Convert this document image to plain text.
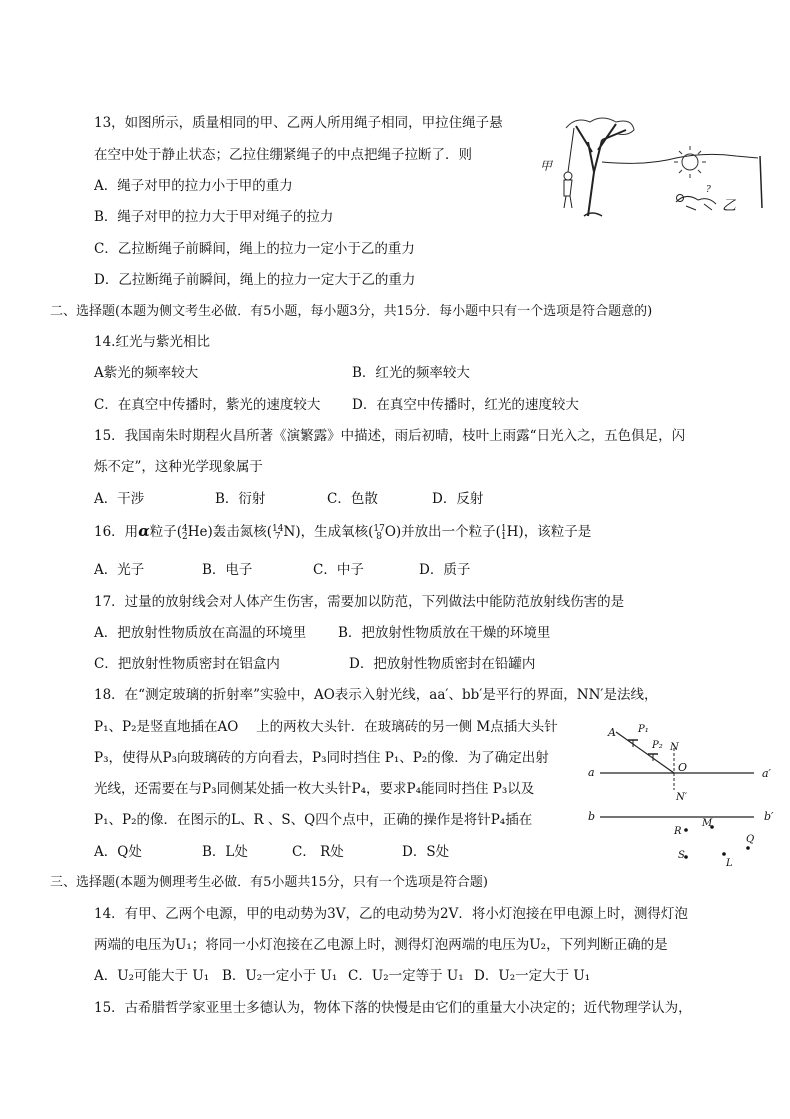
13，如图所示，质量相同的甲、乙两人所用绳子相同，甲拉住绳子悬
在空中处于静止状态；乙拉住绷紧绳子的中点把绳子拉断了．则
A．绳子对甲的拉力小于甲的重力
B．绳子对甲的拉力大于甲对绳子的拉力
C．乙拉断绳子前瞬间，绳上的拉力一定小于乙的重力
D．乙拉断绳子前瞬间，绳上的拉力一定大于乙的重力
甲
乙
?
二、选择题(本题为侧文考生必做．有5小题，每小题3分，共15分．每小题中只有一个选项是符合题意的)
14.红光与紫光相比
A紫光的频率较大	B．红光的频率较大
C．在真空中传播时，紫光的速度较大 D．在真空中传播时，红光的速度较大
15．我国南朱时期程火昌所著《演繁露》中描述，雨后初晴，枝叶上雨露“日光入之，五色俱足，闪
烁不定”，这种光学现象属于
A．干涉	B．衍射	C．色散	D．反射
16．用α粒子( 4
2 He)轰击氮核( 14
7 N)，生成氧核( 17
8 O)并放出一个粒子( 1
1 H)，该粒子是
A．光子	B．电子	C．中子	D．质子
17．过量的放射线会对人体产生伤害，需要加以防范，下列做法中能防范放射线伤害的是
A．把放射性物质放在高温的环境里 B．把放射性物质放在干燥的环境里
C．把放射性物质密封在铝盒内	D．把放射性物质密封在铅罐内
18．在“测定玻璃的折射率”实验中，AO表示入射光线，aa′、bb′是平行的界面，NN′是法线，
P₁、P₂是竖直地插在AO　 上的两枚大头针．在玻璃砖的另一侧 M点插大头针
P₃，使得从P₃向玻璃砖的方向看去，P₃同时挡住 P₁、P₂的像．为了确定出射
光线，还需要在与P₃同侧某处插一枚大头针P₄，要求P₄能同时挡住 P₃以及
P₁、P₂的像．在图示的L、R 、S、Q四个点中，正确的操作是将针P₄插在
A．Q处	B．L处	C． R处	D．S处
A P₁
P₂ N
O
a	a′
N′
b	b′
R
M
Q
S
L
三、选择题(本题为侧理考生必做．有5小题共15分，只有一个选项是符合题)
14．有甲、乙两个电源，甲的电动势为3V，乙的电动势为2V．将小灯泡接在甲电源上时，测得灯泡
两端的电压为U₁；将同一小灯泡接在乙电源上时，测得灯泡两端的电压为U₂，下列判断正确的是
A．U₂可能大于 U₁ B．U₂一定小于 U₁ C．U₂一定等于 U₁ D．U₂一定大于 U₁
15．古希腊哲学家亚里士多德认为，物体下落的快慢是由它们的重量大小决定的；近代物理学认为，
